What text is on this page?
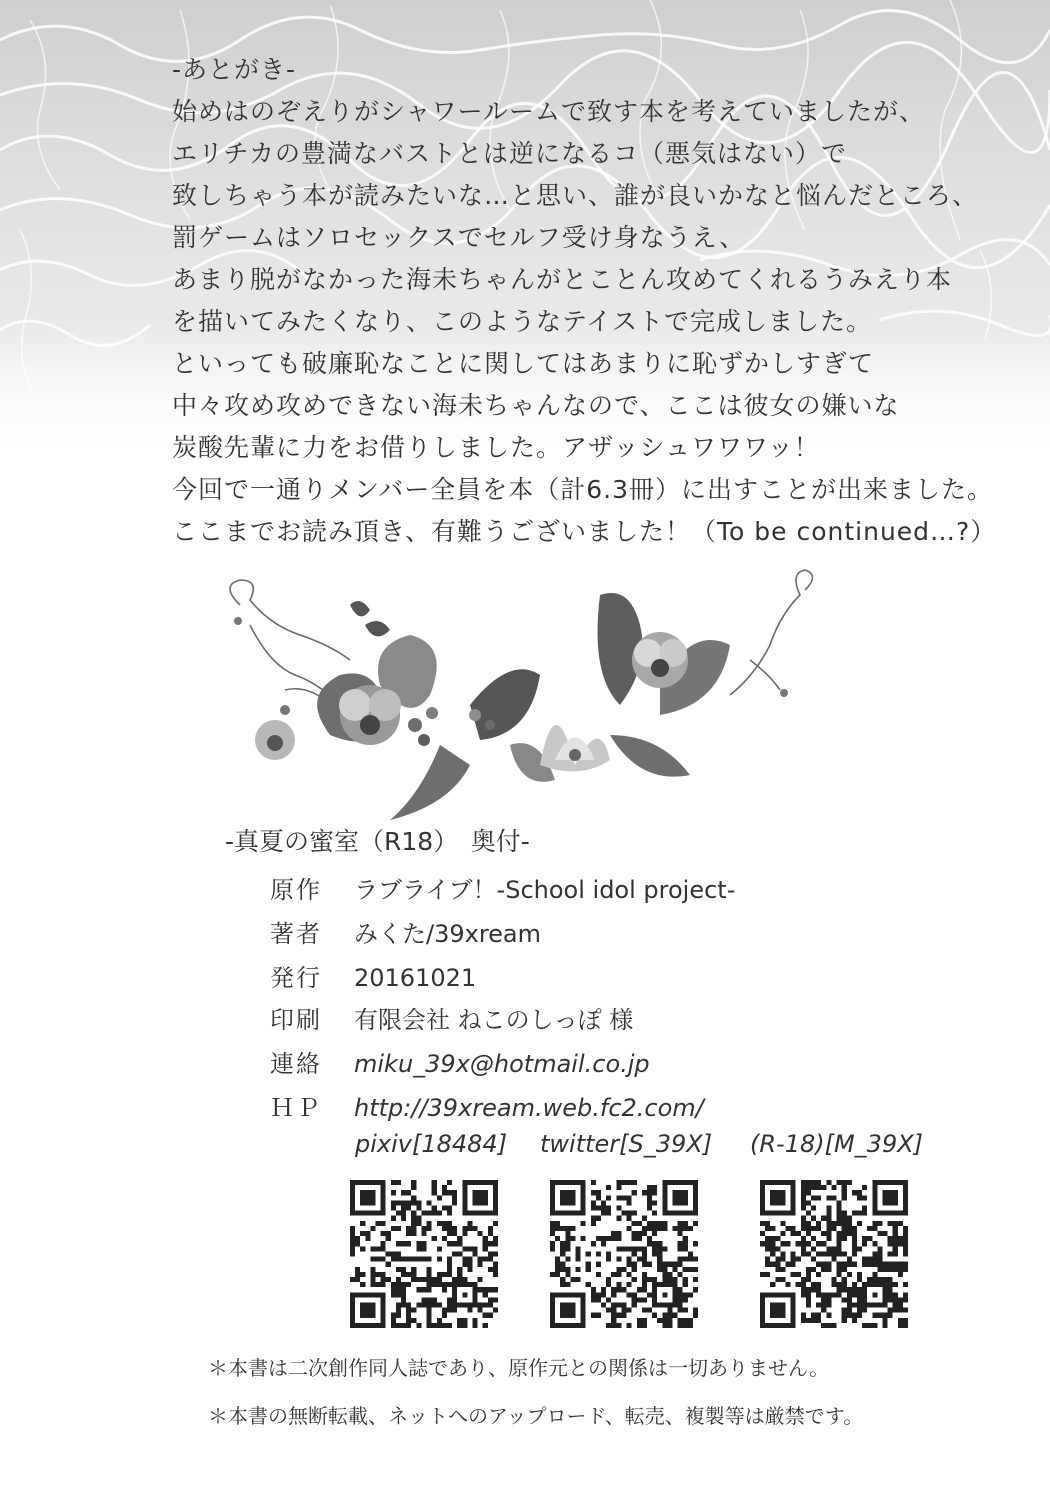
-あとがき-
始めはのぞえりがシャワールームで致す本を考えていましたが、
エリチカの豊満なバストとは逆になるコ（悪気はない）で
致しちゃう本が読みたいな…と思い、誰が良いかなと悩んだところ、
罰ゲームはソロセックスでセルフ受け身なうえ、
あまり脱がなかった海未ちゃんがとことん攻めてくれるうみえり本
を描いてみたくなり、このようなテイストで完成しました。
といっても破廉恥なことに関してはあまりに恥ずかしすぎて
中々攻め攻めできない海未ちゃんなので、ここは彼女の嫌いな
炭酸先輩に力をお借りしました。アザッシュワワワッ！
今回で一通りメンバー全員を本（計6.3冊）に出すことが出来ました。
ここまでお読み頂き、有難うございました！（To be continued…?）
-真夏の蜜室（R18）　奥付-
原作 ラブライブ！-School idol project-
著者 みくた/39xream
発行 20161021
印刷 有限会社 ねこのしっぽ 様
連絡 miku_39x@hotmail.co.jp
ＨＰ http://39xream.web.fc2.com/
pixiv[18484] twitter[S_39X] (R-18)[M_39X]
＊本書は二次創作同人誌であり、原作元との関係は一切ありません。
＊本書の無断転載、ネットへのアップロード、転売、複製等は厳禁です。
